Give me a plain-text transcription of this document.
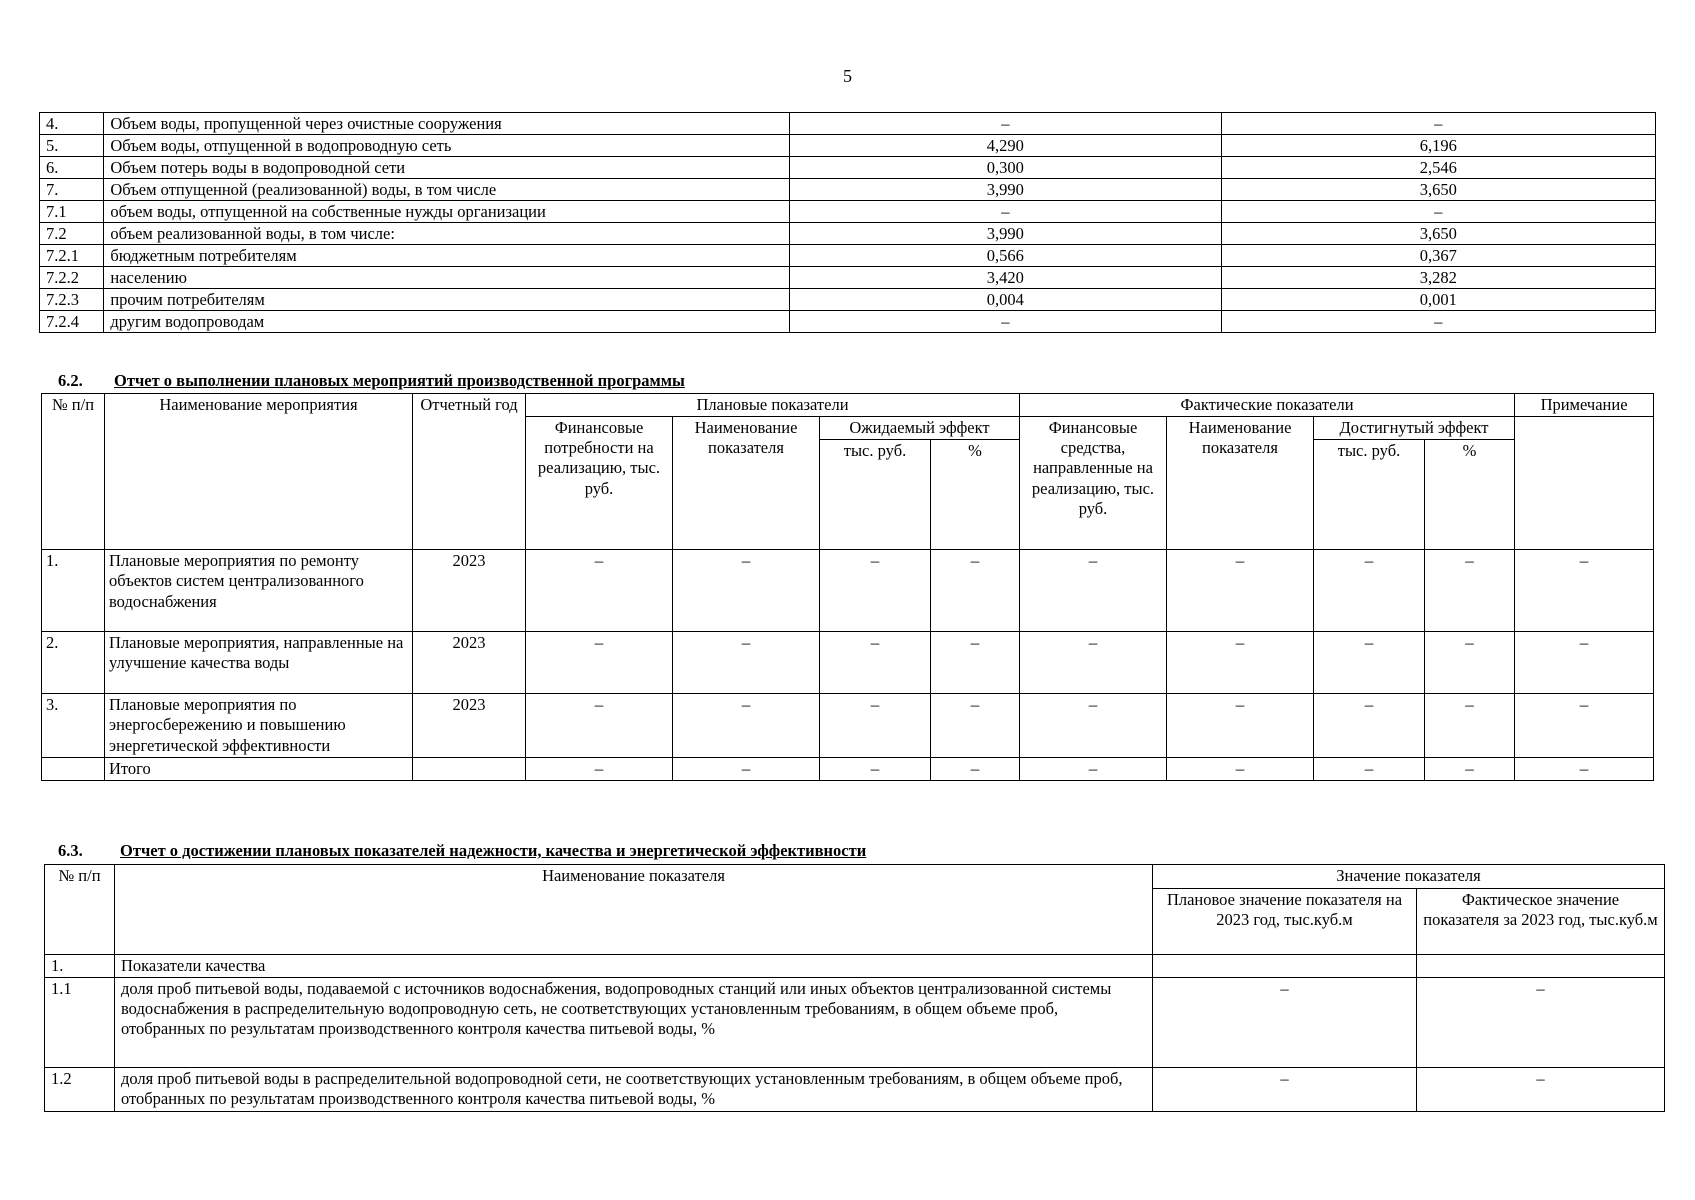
5
4.	Объем воды, пропущенной через очистные сооружения	–	–
5.	Объем воды, отпущенной в водопроводную сеть	4,290	6,196
6.	Объем потерь воды в водопроводной сети	0,300	2,546
7.	Объем отпущенной (реализованной) воды, в том числе	3,990	3,650
7.1	объем воды, отпущенной на собственные нужды организации	–	–
7.2	объем реализованной воды, в том числе:	3,990	3,650
7.2.1	бюджетным потребителям	0,566	0,367
7.2.2	населению	3,420	3,282
7.2.3	прочим потребителям	0,004	0,001
7.2.4	другим водопроводам	–	–
6.2. Отчет о выполнении плановых мероприятий производственной программы
№ п/п	Наименование мероприятия	Отчетный год	Плановые показатели				Фактические показатели				Примечание
			Финансовые потребности на реализацию, тыс. руб.	Наименование показателя	Ожидаемый эффект		Финансовые средства, направленные на реализацию, тыс. руб.	Наименование показателя	Достигнутый эффект		
					тыс. руб.	%			тыс. руб.	%	
1.	Плановые мероприятия по ремонту объектов систем централизованного водоснабжения	2023	–	–	–	–	–	–	–	–	–
2.	Плановые мероприятия, направленные на улучшение качества воды	2023	–	–	–	–	–	–	–	–	–
3.	Плановые мероприятия по энергосбережению и повышению энергетической эффективности	2023	–	–	–	–	–	–	–	–	–
	Итого		–	–	–	–	–	–	–	–	–
6.3. Отчет о достижении плановых показателей надежности, качества и энергетической эффективности
№ п/п	Наименование показателя	Значение показателя	
		Плановое значение показателя на 2023 год, тыс.куб.м	Фактическое значение показателя за 2023 год, тыс.куб.м
1.	Показатели качества		
1.1	доля проб питьевой воды, подаваемой с источников водоснабжения, водопроводных станций или иных объектов централизованной системы водоснабжения в распределительную водопроводную сеть, не соответствующих установленным требованиям, в общем объеме проб, отобранных по результатам производственного контроля качества питьевой воды, %	–	–
1.2	доля проб питьевой воды в распределительной водопроводной сети, не соответствующих установленным требованиям, в общем объеме проб, отобранных по результатам производственного контроля качества питьевой воды, %	–	–
